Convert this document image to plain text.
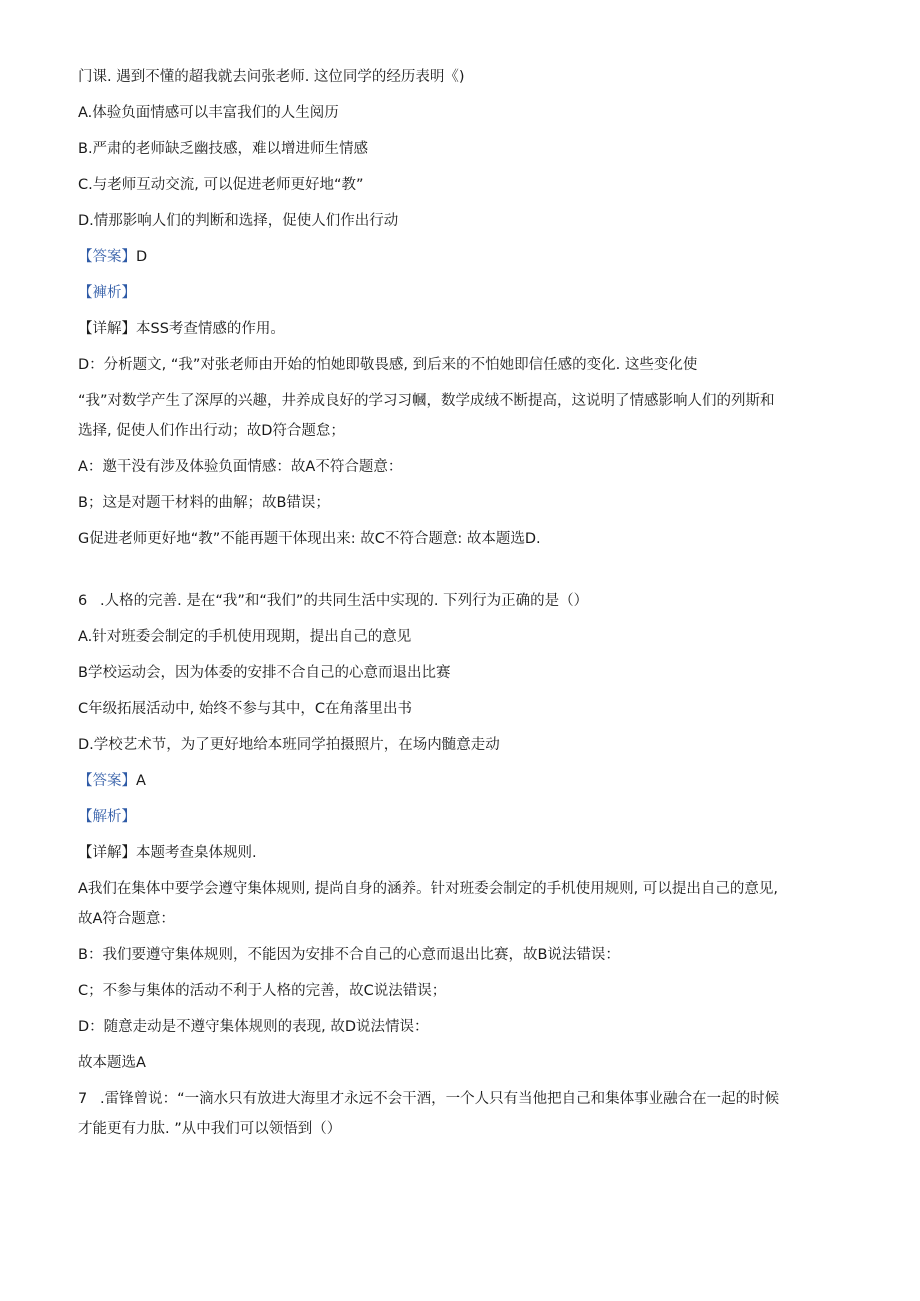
门课. 遇到不懂的超我就去问张老师. 这位同学的经历表明《)
A.体验负面情感可以丰富我们的人生阅历
B.严肃的老师缺乏幽技感，难以增进师生情感
C.与老师互动交流, 可以促进老师更好地“教”
D.情那影响人们的判断和选择，促使人们作出行动
【答案】D
【褲析】
【详解】本SS考查情感的作用。
D：分析题文, “我”对张老师由开始的怕她即敬畏感, 到后来的不怕她即信任感的变化. 这些变化使
“我”对数学产生了深厚的兴趣，井养成良好的学习习幗，数学成绒不断提高，这说明了情感影响人们的列斯和
选择, 促使人们作出行动；故D符合题怠；
A：邀干没有涉及体验负面情感：故A不符合题意：
B；这是对题干材料的曲解；故B错误；
G促进老师更好地“教”不能再题干体现出来: 故C不符合题意: 故本题选D.
6 .人格的完善. 是在“我”和“我们”的共同生活中实现的. 下列行为正确的是（）
A.针对班委会制定的手机使用现期，提出自己的意见
B学校运动会，因为体委的安排不合自己的心意而退出比赛
C年级拓展活动中, 始终不参与其中，C在角落里出书
D.学校艺术节，为了更好地给本班同学拍摄照片，在场内髄意走动
【答案】A
【解析】
【详解】本题考查臬体规则.
A我们在集体中要学会遵守集体规则, 提尚自身的涵养。针对班委会制定的手机使用规则, 可以提出自己的意见,
故A符合题意：
B：我们要遵守集体规则，不能因为安排不合自己的心意而退出比赛，故B说法错误：
C；不参与集体的活动不利于人格的完善，故C说法错误；
D：随意走动是不遵守集体规则的表现, 故D说法情误：
故本题选A
7 .雷锋曾说：“一滴水只有放进大海里才永远不会干酒，一个人只有当他把自己和集体事业融合在一起的时候
才能更有力肽. ”从中我们可以领悟到（）
